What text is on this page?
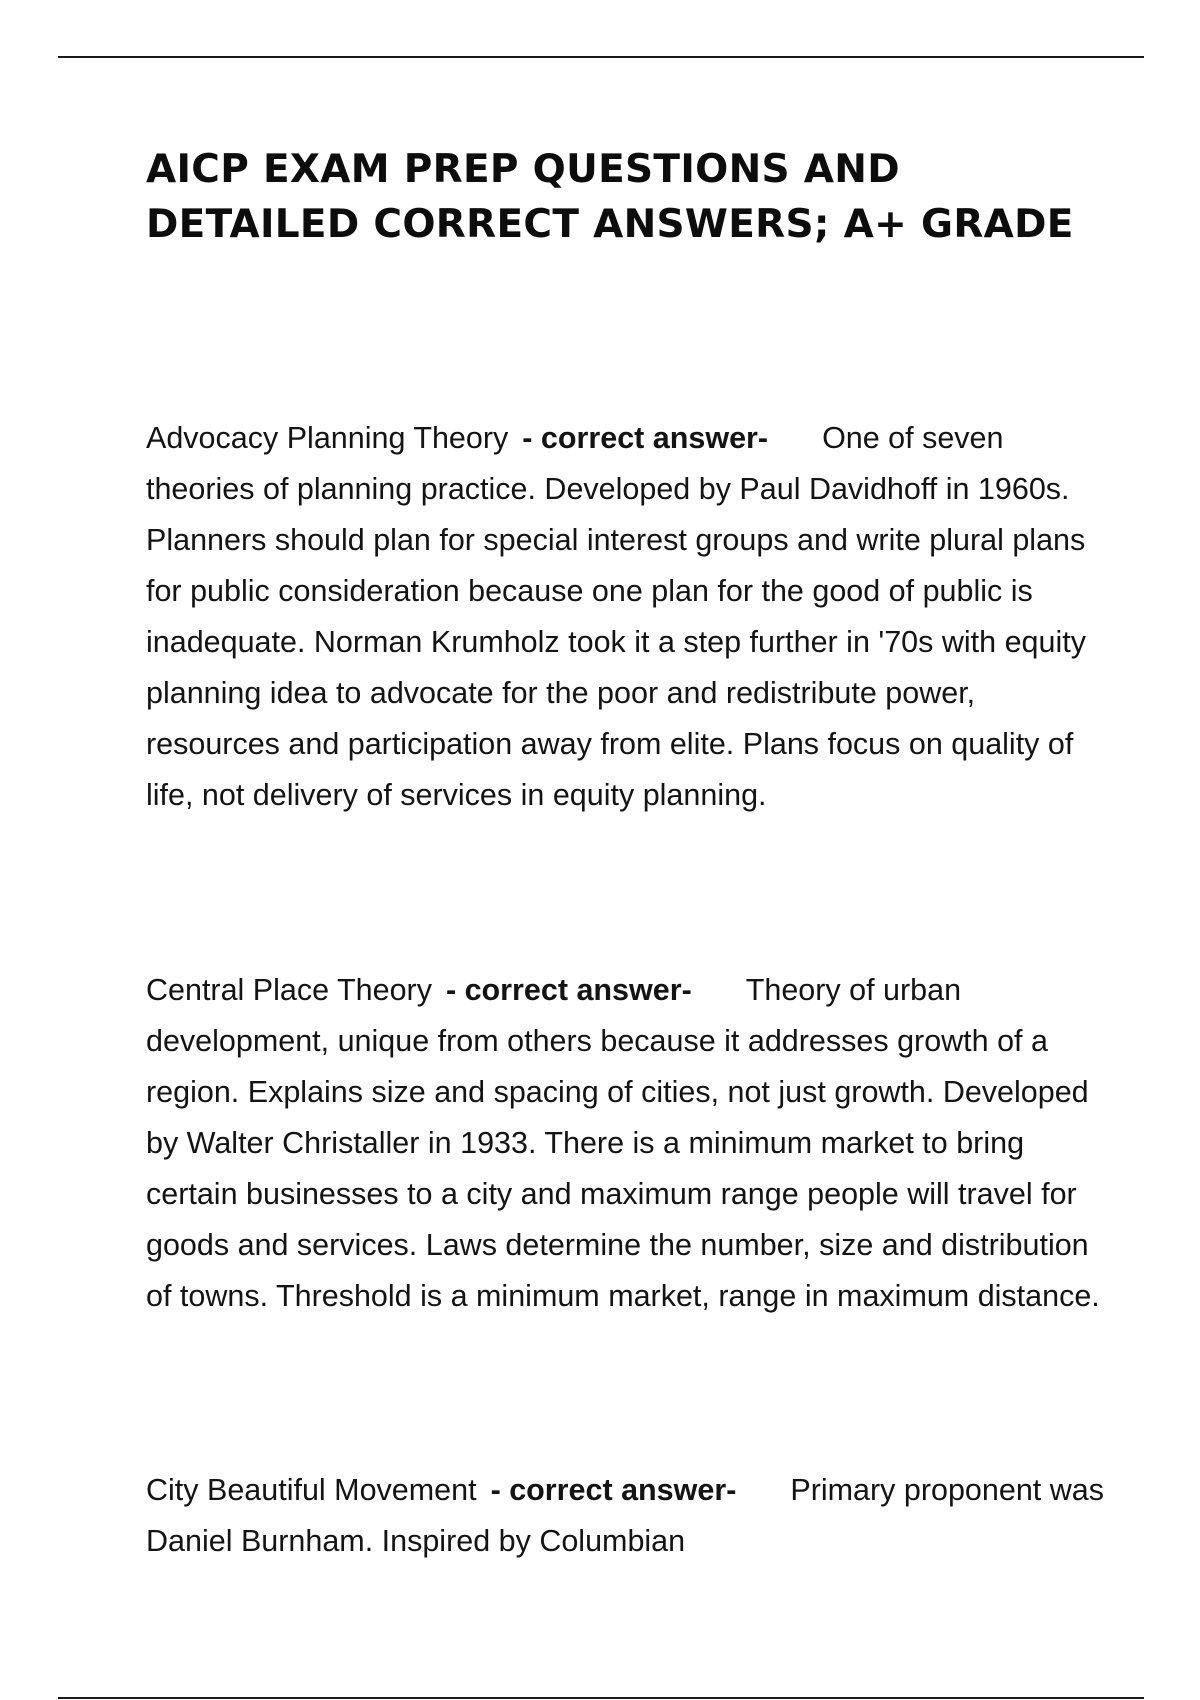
AICP EXAM PREP QUESTIONS AND DETAILED CORRECT ANSWERS; A+ GRADE

Advocacy Planning Theory - correct answer- One of seven theories of planning practice. Developed by Paul Davidhoff in 1960s. Planners should plan for special interest groups and write plural plans for public consideration because one plan for the good of public is inadequate. Norman Krumholz took it a step further in '70s with equity planning idea to advocate for the poor and redistribute power, resources and participation away from elite. Plans focus on quality of life, not delivery of services in equity planning.

Central Place Theory - correct answer- Theory of urban development, unique from others because it addresses growth of a region. Explains size and spacing of cities, not just growth. Developed by Walter Christaller in 1933. There is a minimum market to bring certain businesses to a city and maximum range people will travel for goods and services. Laws determine the number, size and distribution of towns. Threshold is a minimum market, range in maximum distance.

City Beautiful Movement - correct answer- Primary proponent was Daniel Burnham. Inspired by Columbian
